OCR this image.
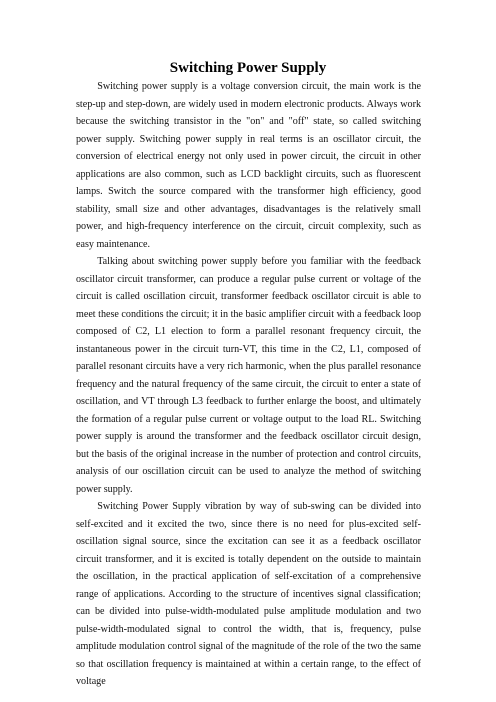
Switching Power Supply

Switching power supply is a voltage conversion circuit, the main work is the step-up and step-down, are widely used in modern electronic products. Always work because the switching transistor in the "on" and "off" state, so called switching power supply. Switching power supply in real terms is an oscillator circuit, the conversion of electrical energy not only used in power circuit, the circuit in other applications are also common, such as LCD backlight circuits, such as fluorescent lamps. Switch the source compared with the transformer high efficiency, good stability, small size and other advantages, disadvantages is the relatively small power, and high-frequency interference on the circuit, circuit complexity, such as easy maintenance.

Talking about switching power supply before you familiar with the feedback oscillator circuit transformer, can produce a regular pulse current or voltage of the circuit is called oscillation circuit, transformer feedback oscillator circuit is able to meet these conditions the circuit; it in the basic amplifier circuit with a feedback loop composed of C2, L1 election to form a parallel resonant frequency circuit, the instantaneous power in the circuit turn-VT, this time in the C2, L1, composed of parallel resonant circuits have a very rich harmonic, when the plus parallel resonance frequency and the natural frequency of the same circuit, the circuit to enter a state of oscillation, and VT through L3 feedback to further enlarge the boost, and ultimately the formation of a regular pulse current or voltage output to the load RL. Switching power supply is around the transformer and the feedback oscillator circuit design, but the basis of the original increase in the number of protection and control circuits, analysis of our oscillation circuit can be used to analyze the method of switching power supply.

Switching Power Supply vibration by way of sub-swing can be divided into self-excited and it excited the two, since there is no need for plus-excited self-oscillation signal source, since the excitation can see it as a feedback oscillator circuit transformer, and it is excited is totally dependent on the outside to maintain the oscillation, in the practical application of self-excitation of a comprehensive range of applications. According to the structure of incentives signal classification; can be divided into pulse-width-modulated pulse amplitude modulation and two pulse-width-modulated signal to control the width, that is, frequency, pulse amplitude modulation control signal of the magnitude of the role of the two the same so that oscillation frequency is maintained at within a certain range, to the effect of voltage
